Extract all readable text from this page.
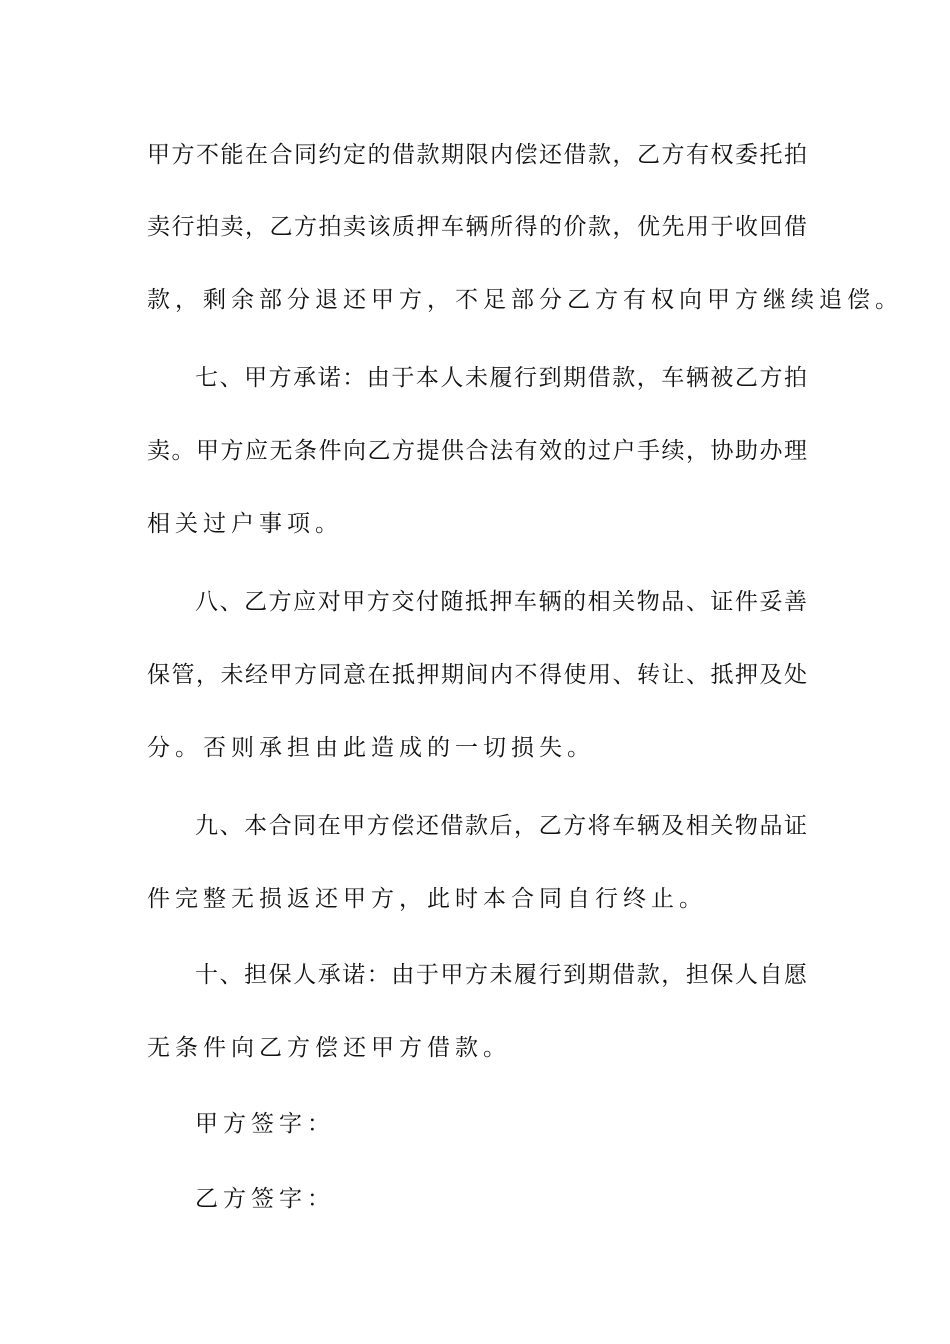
甲方不能在合同约定的借款期限内偿还借款，乙方有权委托拍
卖行拍卖，乙方拍卖该质押车辆所得的价款，优先用于收回借
款，剩余部分退还甲方，不足部分乙方有权向甲方继续追偿。
七、甲方承诺：由于本人未履行到期借款，车辆被乙方拍
卖。甲方应无条件向乙方提供合法有效的过户手续，协助办理
相关过户事项。
八、乙方应对甲方交付随抵押车辆的相关物品、证件妥善
保管，未经甲方同意在抵押期间内不得使用、转让、抵押及处
分。否则承担由此造成的一切损失。
九、本合同在甲方偿还借款后，乙方将车辆及相关物品证
件完整无损返还甲方，此时本合同自行终止。
十、担保人承诺：由于甲方未履行到期借款，担保人自愿
无条件向乙方偿还甲方借款。
甲方签字：
乙方签字：
